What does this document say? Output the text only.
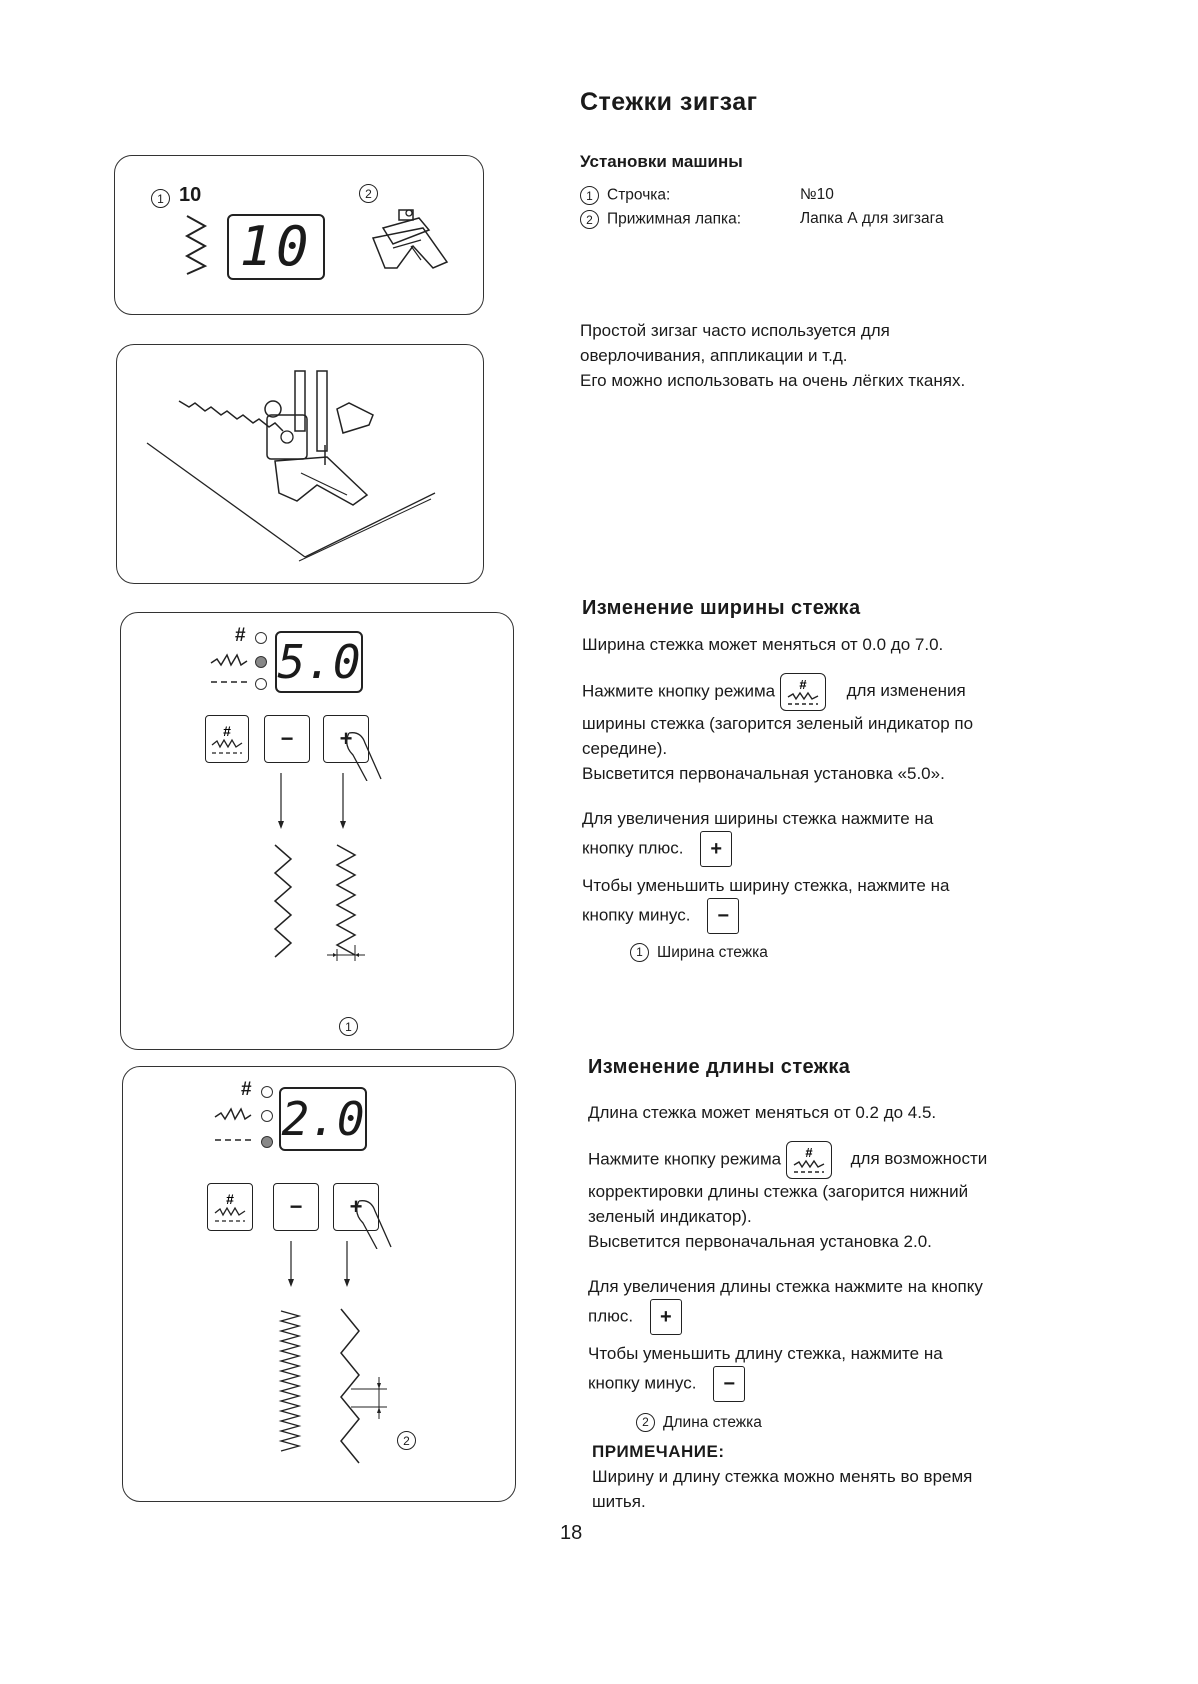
Стежки зигзаг
Установки машины
1 Строчка:	№10
2 Прижимная лапка:	Лапка А для зигзага
Простой зигзаг часто используется для
оверлочивания, аппликации и т.д.
Его можно использовать на очень лёгких тканях.
Изменение ширины стежка
Ширина стежка может меняться от 0.0 до 7.0.
Нажмите кнопку режима # для изменения
ширины стежка (загорится зеленый индикатор по
середине).
Высветится первоначальная установка «5.0».
Для увеличения ширины стежка нажмите на
кнопку плюс. +
Чтобы уменьшить ширину стежка, нажмите на
кнопку минус. −
1 Ширина стежка
Изменение длины стежка
Длина стежка может меняться от 0.2 до 4.5.
Нажмите кнопку режима # для возможности
корректировки длины стежка (загорится нижний
зеленый индикатор).
Высветится первоначальная установка 2.0.
Для увеличения длины стежка нажмите на кнопку
плюс. +
Чтобы уменьшить длину стежка, нажмите на
кнопку минус. −
2 Длина стежка
ПРИМЕЧАНИЕ:
Ширину и длину стежка можно менять во время
шитья.
18
1 10
10
2
# 5.0
#	−	+
1
#
2.0
#	−	+
2
